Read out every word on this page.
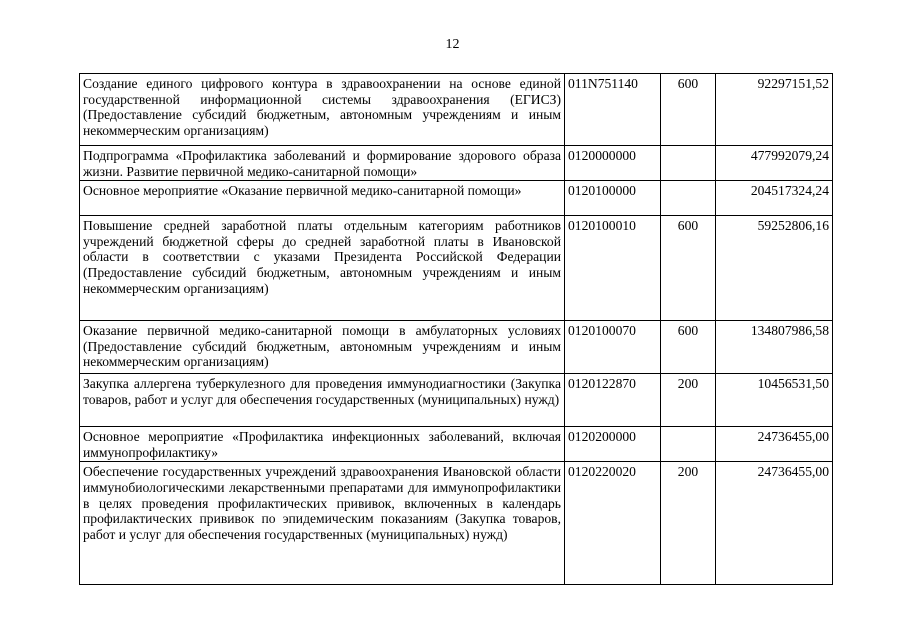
12
Создание единого цифрового контура в здравоохранении на основе единой государственной информационной системы здравоохранения (ЕГИСЗ) (Предоставление субсидий бюджетным, автономным учреждениям и иным некоммерческим организациям)	011N751140	600	92297151,52
Подпрограмма «Профилактика заболеваний и формирование здорового образа жизни. Развитие первичной медико-санитарной помощи»	0120000000		477992079,24
Основное мероприятие «Оказание первичной медико-санитарной помощи»	0120100000		204517324,24
Повышение средней заработной платы отдельным категориям работников учреждений бюджетной сферы до средней заработной платы в Ивановской области в соответствии с указами Президента Российской Федерации (Предоставление субсидий бюджетным, автономным учреждениям и иным некоммерческим организациям)	0120100010	600	59252806,16
Оказание первичной медико-санитарной помощи в амбулаторных условиях (Предоставление субсидий бюджетным, автономным учреждениям и иным некоммерческим организациям)	0120100070	600	134807986,58
Закупка аллергена туберкулезного для проведения иммунодиагностики (Закупка товаров, работ и услуг для обеспечения государственных (муниципальных) нужд)	0120122870	200	10456531,50
Основное мероприятие «Профилактика инфекционных заболеваний, включая иммунопрофилактику»	0120200000		24736455,00
Обеспечение государственных учреждений здравоохранения Ивановской области иммунобиологическими лекарственными препаратами для иммунопрофилактики в целях проведения профилактических прививок, включенных в календарь профилактических прививок по эпидемическим показаниям (Закупка товаров, работ и услуг для обеспечения государственных (муниципальных) нужд)	0120220020	200	24736455,00
